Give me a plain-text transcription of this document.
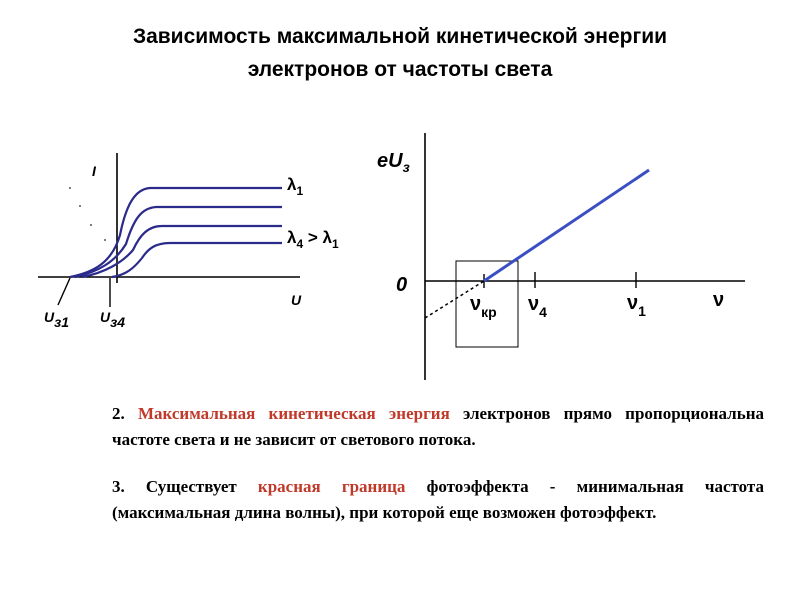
Зависимость максимальной кинетической энергии
электронов от частоты света
I
U
$\lambda_1$
$\lambda_4 > \lambda_1$
Uз1 Uз4
$eU_з$
0
$\nu_{кр}$ $\nu_4$	$\nu_1$	ν
2. Максимальная кинетическая энергия электронов прямо пропорциональна частоте света и не зависит от светового потока.
3. Существует красная граница фотоэффекта - минимальная частота (максимальная длина волны), при которой еще возможен фотоэффект.
